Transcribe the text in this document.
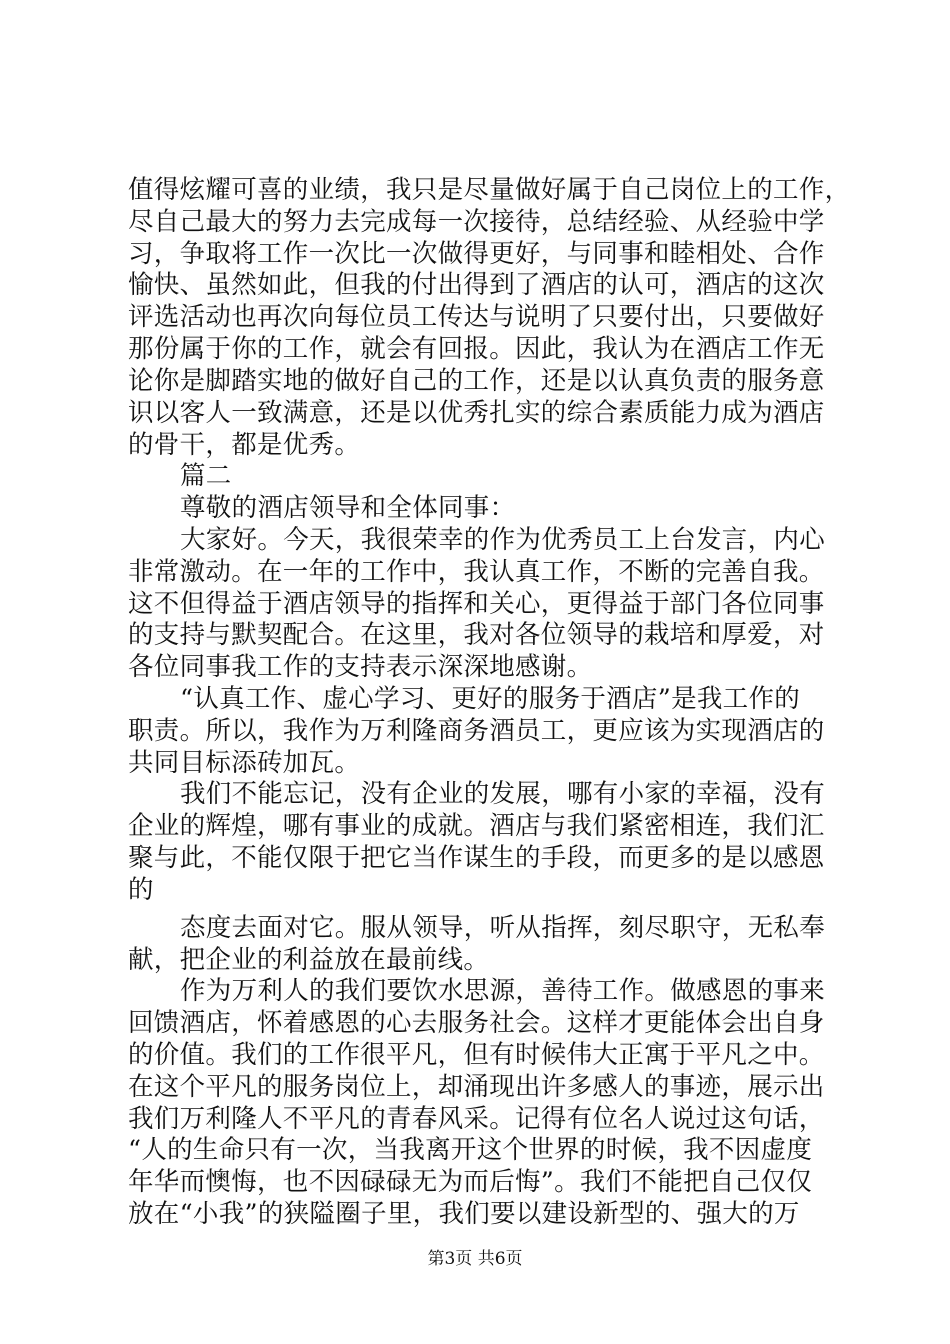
值得炫耀可喜的业绩，我只是尽量做好属于自己岗位上的工作，
尽自己最大的努力去完成每一次接待，总结经验、从经验中学
习，争取将工作一次比一次做得更好，与同事和睦相处、合作
愉快、虽然如此，但我的付出得到了酒店的认可，酒店的这次
评选活动也再次向每位员工传达与说明了只要付出，只要做好
那份属于你的工作，就会有回报。因此，我认为在酒店工作无
论你是脚踏实地的做好自己的工作，还是以认真负责的服务意
识以客人一致满意，还是以优秀扎实的综合素质能力成为酒店
的骨干，都是优秀。
篇二
尊敬的酒店领导和全体同事：
大家好。今天，我很荣幸的作为优秀员工上台发言，内心
非常激动。在一年的工作中，我认真工作，不断的完善自我。
这不但得益于酒店领导的指挥和关心，更得益于部门各位同事
的支持与默契配合。在这里，我对各位领导的栽培和厚爱，对
各位同事我工作的支持表示深深地感谢。
“认真工作、虚心学习、更好的服务于酒店”是我工作的
职责。所以，我作为万利隆商务酒员工，更应该为实现酒店的
共同目标添砖加瓦。
我们不能忘记，没有企业的发展，哪有小家的幸福，没有
企业的辉煌，哪有事业的成就。酒店与我们紧密相连，我们汇
聚与此，不能仅限于把它当作谋生的手段，而更多的是以感恩
的
态度去面对它。服从领导，听从指挥，刻尽职守，无私奉
献，把企业的利益放在最前线。
作为万利人的我们要饮水思源，善待工作。做感恩的事来
回馈酒店，怀着感恩的心去服务社会。这样才更能体会出自身
的价值。我们的工作很平凡，但有时候伟大正寓于平凡之中。
在这个平凡的服务岗位上，却涌现出许多感人的事迹，展示出
我们万利隆人不平凡的青春风采。记得有位名人说过这句话，
“人的生命只有一次，当我离开这个世界的时候，我不因虚度
年华而懊悔，也不因碌碌无为而后悔”。我们不能把自己仅仅
放在“小我”的狭隘圈子里，我们要以建设新型的、强大的万
第3页 共6页
